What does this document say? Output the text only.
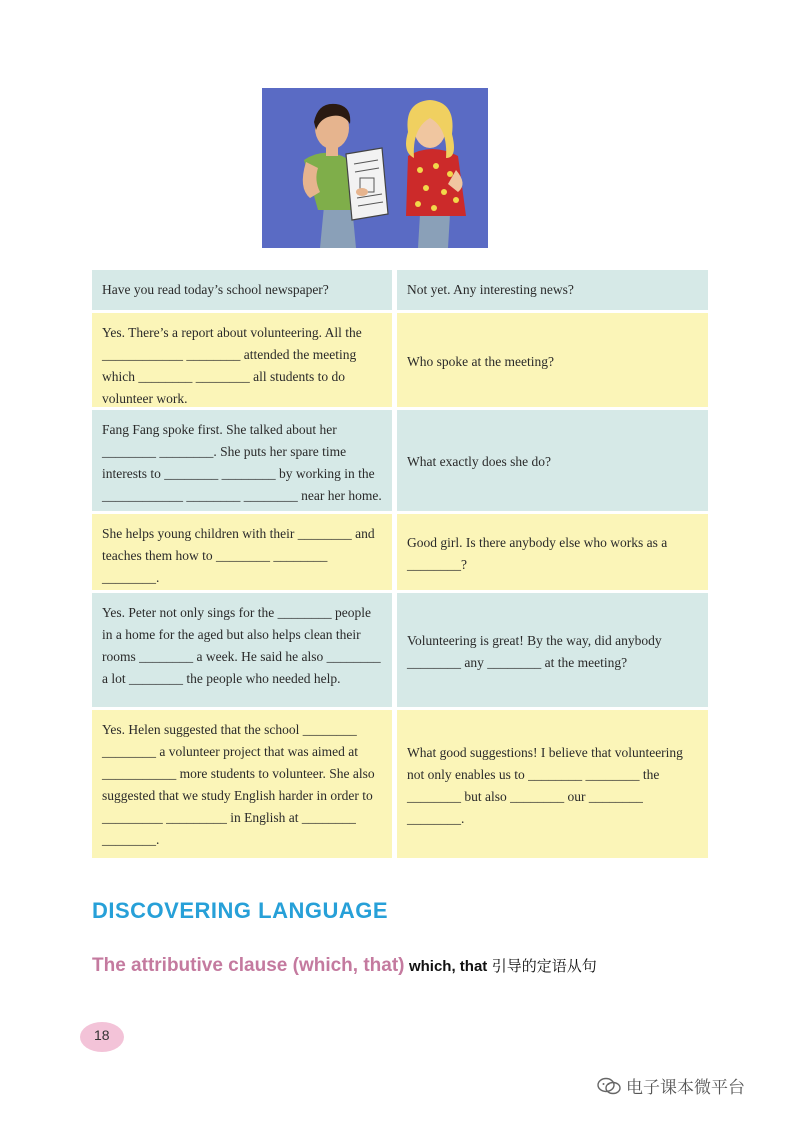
Have you read today’s school newspaper?	Not yet. Any interesting news?
Yes. There’s a report about volunteering. All the ____________ ________ attended the meeting which ________ ________ all students to do volunteer work.
Who spoke at the meeting?
Fang Fang spoke first. She talked about her ________ ________. She puts her spare time interests to ________ ________ by working in the ____________ ________ ________ near her home.
What exactly does she do?
She helps young children with their ________ and teaches them how to ________ ________ ________.
Good girl. Is there anybody else who works as a ________?
Yes. Peter not only sings for the ________ people in a home for the aged but also helps clean their rooms ________ a week. He said he also ________ a lot ________ the people who needed help.
Volunteering is great! By the way, did anybody ________ any ________ at the meeting?
Yes. Helen suggested that the school ________ ________ a volunteer project that was aimed at ___________ more students to volunteer. She also suggested that we study English harder in order to _________ _________ in English at ________ ________.
What good suggestions! I believe that volunteering not only enables us to ________ ________ the ________ but also ________ our ________ ________.
DISCOVERING LANGUAGE
The attributive clause (which, that) which, that 引导的定语从句
18
电子课本微平台
